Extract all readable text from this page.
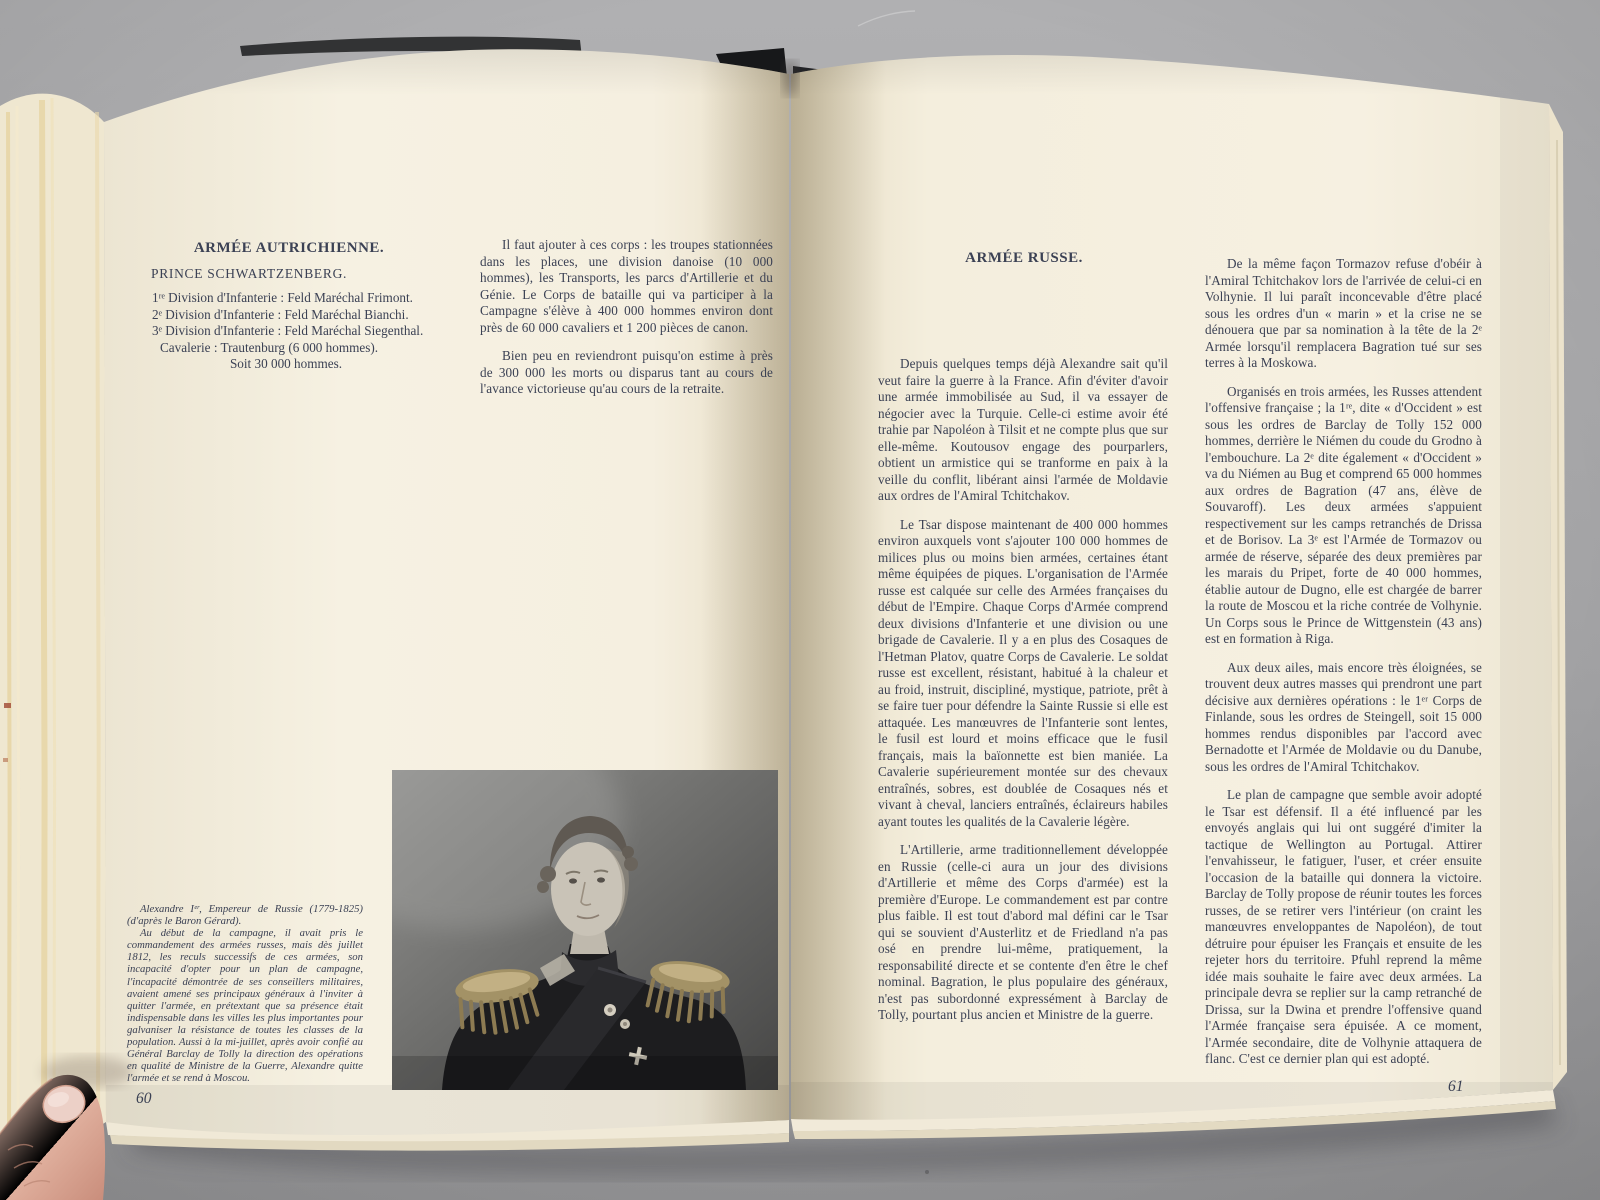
ARMÉE AUTRICHIENNE.
PRINCE SCHWARTZENBERG.
1ʳᵉ Division d'Infanterie : Feld Maréchal Frimont.
2ᵉ Division d'Infanterie : Feld Maréchal Bianchi.
3ᵉ Division d'Infanterie : Feld Maréchal Siegenthal.
Cavalerie : Trautenburg (6 000 hommes).
Soit 30 000 hommes.

Il faut ajouter à ces corps : les troupes stationnées dans les places, une division danoise (10 000 hommes), les Transports, les parcs d'Artillerie et du Génie. Le Corps de bataille qui va participer à la Campagne s'élève à 400 000 hommes environ dont près de 60 000 cavaliers et 1 200 pièces de canon.

Bien peu en reviendront puisqu'on estime à près de 300 000 les morts ou disparus tant au cours de l'avance victorieuse qu'au cours de la retraite.

Alexandre Iᵉʳ, Empereur de Russie (1779-1825) (d'après le Baron Gérard).

Au début de la campagne, il avait pris le commandement des armées russes, mais dès juillet 1812, les reculs successifs de ces armées, son incapacité d'opter pour un plan de campagne, l'incapacité démontrée de ses conseillers militaires, avaient amené ses principaux généraux à l'inviter à quitter l'armée, en prétextant que sa présence était indispensable dans les villes les plus importantes pour galvaniser la résistance de toutes les classes de la population. Aussi à la mi-juillet, après avoir confié au Général Barclay de Tolly la direction des opérations en qualité de Ministre de la Guerre, Alexandre quitte l'armée et se rend à Moscou.

60
ARMÉE RUSSE.

Depuis quelques temps déjà Alexandre sait qu'il veut faire la guerre à la France. Afin d'éviter d'avoir une armée immobilisée au Sud, il va essayer de négocier avec la Turquie. Celle-ci estime avoir été trahie par Napoléon à Tilsit et ne compte plus que sur elle-même. Koutousov engage des pourparlers, obtient un armistice qui se tranforme en paix à la veille du conflit, libérant ainsi l'armée de Moldavie aux ordres de l'Amiral Tchitchakov.

Le Tsar dispose maintenant de 400 000 hommes environ auxquels vont s'ajouter 100 000 hommes de milices plus ou moins bien armées, certaines étant même équipées de piques. L'organisation de l'Armée russe est calquée sur celle des Armées françaises du début de l'Empire. Chaque Corps d'Armée comprend deux divisions d'Infanterie et une division ou une brigade de Cavalerie. Il y a en plus des Cosaques de l'Hetman Platov, quatre Corps de Cavalerie. Le soldat russe est excellent, résistant, habitué à la chaleur et au froid, instruit, discipliné, mystique, patriote, prêt à se faire tuer pour défendre la Sainte Russie si elle est attaquée. Les manœuvres de l'Infanterie sont lentes, le fusil est lourd et moins efficace que le fusil français, mais la baïonnette est bien maniée. La Cavalerie supérieurement montée sur des chevaux entraînés, sobres, est doublée de Cosaques nés et vivant à cheval, lanciers entraînés, éclaireurs habiles ayant toutes les qualités de la Cavalerie légère.

L'Artillerie, arme traditionnellement développée en Russie (celle-ci aura un jour des divisions d'Artillerie et même des Corps d'armée) est la première d'Europe. Le commandement est par contre plus faible. Il est tout d'abord mal défini car le Tsar qui se souvient d'Austerlitz et de Friedland n'a pas osé en prendre lui-même, pratiquement, la responsabilité directe et se contente d'en être le chef nominal. Bagration, le plus populaire des généraux, n'est pas subordonné expressément à Barclay de Tolly, pourtant plus ancien et Ministre de la guerre.

De la même façon Tormazov refuse d'obéir à l'Amiral Tchitchakov lors de l'arrivée de celui-ci en Volhynie. Il lui paraît inconcevable d'être placé sous les ordres d'un « marin » et la crise ne se dénouera que par sa nomination à la tête de la 2ᵉ Armée lorsqu'il remplacera Bagration tué sur ses terres à la Moskowa.

Organisés en trois armées, les Russes attendent l'offensive française ; la 1ʳᵉ, dite « d'Occident » est sous les ordres de Barclay de Tolly 152 000 hommes, derrière le Niémen du coude du Grodno à l'embouchure. La 2ᵉ dite également « d'Occident » va du Niémen au Bug et comprend 65 000 hommes aux ordres de Bagration (47 ans, élève de Souvaroff). Les deux armées s'appuient respectivement sur les camps retranchés de Drissa et de Borisov. La 3ᵉ est l'Armée de Tormazov ou armée de réserve, séparée des deux premières par les marais du Pripet, forte de 40 000 hommes, établie autour de Dugno, elle est chargée de barrer la route de Moscou et la riche contrée de Volhynie. Un Corps sous le Prince de Wittgenstein (43 ans) est en formation à Riga.

Aux deux ailes, mais encore très éloignées, se trouvent deux autres masses qui prendront une part décisive aux dernières opérations : le 1ᵉʳ Corps de Finlande, sous les ordres de Steingell, soit 15 000 hommes rendus disponibles par l'accord avec Bernadotte et l'Armée de Moldavie ou du Danube, sous les ordres de l'Amiral Tchitchakov.

Le plan de campagne que semble avoir adopté le Tsar est défensif. Il a été influencé par les envoyés anglais qui lui ont suggéré d'imiter la tactique de Wellington au Portugal. Attirer l'envahisseur, le fatiguer, l'user, et créer ensuite l'occasion de la bataille qui donnera la victoire. Barclay de Tolly propose de réunir toutes les forces russes, de se retirer vers l'intérieur (on craint les manœuvres enveloppantes de Napoléon), de tout détruire pour épuiser les Français et ensuite de les rejeter hors du territoire. Pfuhl reprend la même idée mais souhaite le faire avec deux armées. La principale devra se replier sur la camp retranché de Drissa, sur la Dwina et prendre l'offensive quand l'Armée française sera épuisée. A ce moment, l'Armée secondaire, dite de Volhynie attaquera de flanc. C'est ce dernier plan qui est adopté.

61
